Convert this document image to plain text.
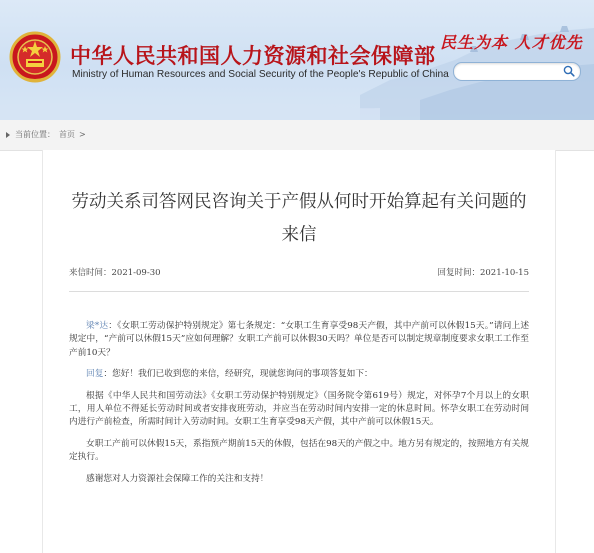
中华人民共和国人力资源和社会保障部
Ministry of Human Resources and Social Security of the People's Republic of China
民生为本 人才优先
当前位置： 首页 >
劳动关系司答网民咨询关于产假从何时开始算起有关问题的来信
来信时间：2021-09-30	回复时间：2021-10-15

梁*达：《女职工劳动保护特别规定》第七条规定：“女职工生育享受98天产假，其中产前可以休假15天。”请问上述规定中，“产前可以休假15天”应如何理解？女职工产前可以休假30天吗？单位是否可以制定规章制度要求女职工工作至产前10天？

回复：您好！我们已收到您的来信，经研究，现就您询问的事项答复如下：

根据《中华人民共和国劳动法》《女职工劳动保护特别规定》（国务院令第619号）规定，对怀孕7个月以上的女职工，用人单位不得延长劳动时间或者安排夜班劳动，并应当在劳动时间内安排一定的休息时间。怀孕女职工在劳动时间内进行产前检查，所需时间计入劳动时间。女职工生育享受98天产假，其中产前可以休假15天。

女职工产前可以休假15天，系指预产期前15天的休假，包括在98天的产假之中。地方另有规定的，按照地方有关规定执行。

感谢您对人力资源社会保障工作的关注和支持！
